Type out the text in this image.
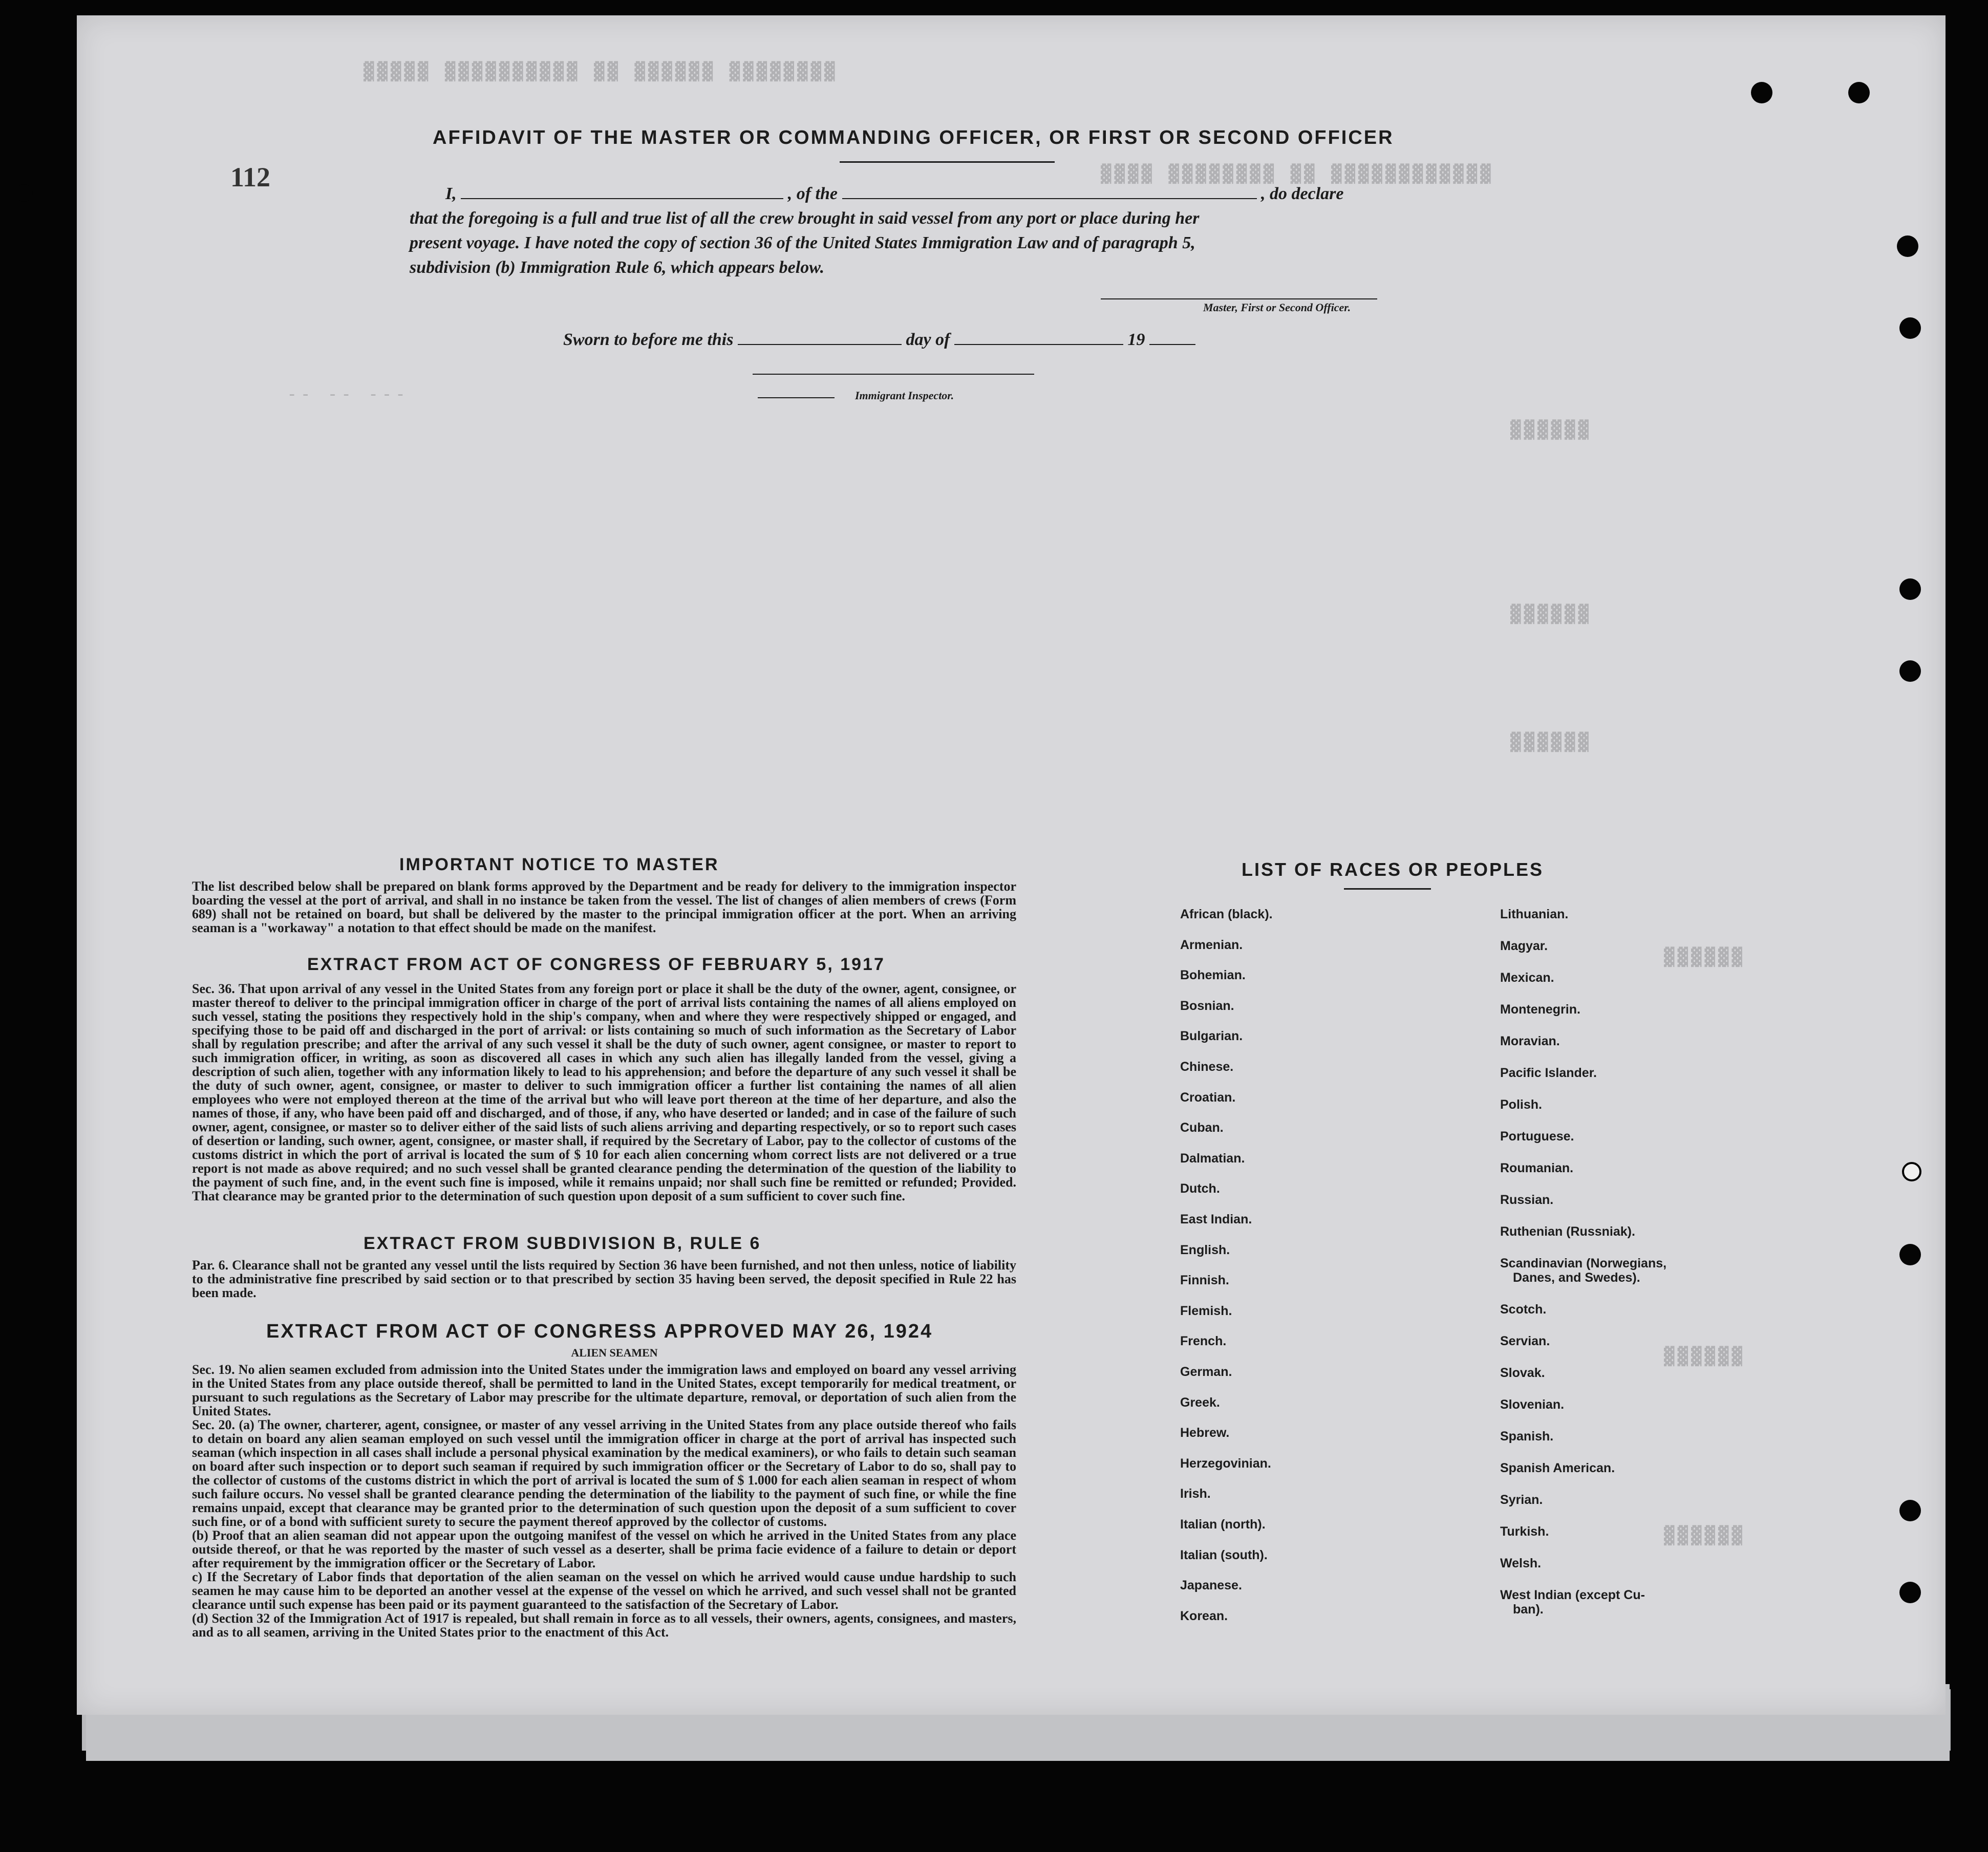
▓▓▓▓▓ ▓▓▓▓▓▓▓▓▓▓ ▓▓ ▓▓▓▓▓▓ ▓▓▓▓▓▓▓▓
▓▓▓▓ ▓▓▓▓▓▓▓▓ ▓▓ ▓▓▓▓▓▓▓▓▓▓▓▓
-- -- ---
▓▓▓▓▓▓
▓▓▓▓▓▓
▓▓▓▓▓▓
▓▓▓▓▓▓
▓▓▓▓▓▓
▓▓▓▓▓▓
112
AFFIDAVIT OF THE MASTER OR COMMANDING OFFICER, OR FIRST OR SECOND OFFICER
I,	, of the	, do declare
that the foregoing is a full and true list of all the crew brought in said vessel from any port or place during her
present voyage. I have noted the copy of section 36 of the United States Immigration Law and of paragraph 5,
subdivision (b) Immigration Rule 6, which appears below.
Master, First or Second Officer.
Sworn to before me this	day of	19
Immigrant Inspector.
IMPORTANT NOTICE TO MASTER
The list described below shall be prepared on blank forms approved by the Department and be ready for delivery to the immigration inspector boarding the vessel at the port of arrival, and shall in no instance be taken from the vessel. The list of changes of alien members of crews (Form 689) shall not be retained on board, but shall be delivered by the master to the principal immigration officer at the port. When an arriving seaman is a "workaway" a notation to that effect should be made on the manifest.
EXTRACT FROM ACT OF CONGRESS OF FEBRUARY 5, 1917
Sec. 36. That upon arrival of any vessel in the United States from any foreign port or place it shall be the duty of the owner, agent, consignee, or master thereof to deliver to the principal immigration officer in charge of the port of arrival lists containing the names of all aliens employed on such vessel, stating the positions they respectively hold in the ship's company, when and where they were respectively shipped or engaged, and specifying those to be paid off and discharged in the port of arrival: or lists containing so much of such information as the Secretary of Labor shall by regulation prescribe; and after the arrival of any such vessel it shall be the duty of such owner, agent consignee, or master to report to such immigration officer, in writing, as soon as discovered all cases in which any such alien has illegally landed from the vessel, giving a description of such alien, together with any information likely to lead to his apprehension; and before the departure of any such vessel it shall be the duty of such owner, agent, consignee, or master to deliver to such immigration officer a further list containing the names of all alien employees who were not employed thereon at the time of the arrival but who will leave port thereon at the time of her departure, and also the names of those, if any, who have been paid off and discharged, and of those, if any, who have deserted or landed; and in case of the failure of such owner, agent, consignee, or master so to deliver either of the said lists of such aliens arriving and departing respectively, or so to report such cases of desertion or landing, such owner, agent, consignee, or master shall, if required by the Secretary of Labor, pay to the collector of customs of the customs district in which the port of arrival is located the sum of $ 10 for each alien concerning whom correct lists are not delivered or a true report is not made as above required; and no such vessel shall be granted clearance pending the determination of the question of the liability to the payment of such fine, and, in the event such fine is imposed, while it remains unpaid; nor shall such fine be remitted or refunded; Provided. That clearance may be granted prior to the determination of such question upon deposit of a sum sufficient to cover such fine.
EXTRACT FROM SUBDIVISION B, RULE 6
Par. 6. Clearance shall not be granted any vessel until the lists required by Section 36 have been furnished, and not then unless, notice of liability to the administrative fine prescribed by said section or to that prescribed by section 35 having been served, the deposit specified in Rule 22 has been made.
EXTRACT FROM ACT OF CONGRESS APPROVED MAY 26, 1924
ALIEN SEAMEN

Sec. 19. No alien seamen excluded from admission into the United States under the immigration laws and employed on board any vessel arriving in the United States from any place outside thereof, shall be permitted to land in the United States, except temporarily for medical treatment, or pursuant to such regulations as the Secretary of Labor may prescribe for the ultimate departure, removal, or deportation of such alien from the United States.

Sec. 20. (a) The owner, charterer, agent, consignee, or master of any vessel arriving in the United States from any place outside thereof who fails to detain on board any alien seaman employed on such vessel until the immigration officer in charge at the port of arrival has inspected such seaman (which inspection in all cases shall include a personal physical examination by the medical examiners), or who fails to detain such seaman on board after such inspection or to deport such seaman if required by such immigration officer or the Secretary of Labor to do so, shall pay to the collector of customs of the customs district in which the port of arrival is located the sum of $ 1.000 for each alien seaman in respect of whom such failure occurs. No vessel shall be granted clearance pending the determination of the liability to the payment of such fine, or while the fine remains unpaid, except that clearance may be granted prior to the determination of such question upon the deposit of a sum sufficient to cover such fine, or of a bond with sufficient surety to secure the payment thereof approved by the collector of customs.

(b) Proof that an alien seaman did not appear upon the outgoing manifest of the vessel on which he arrived in the United States from any place outside thereof, or that he was reported by the master of such vessel as a deserter, shall be prima facie evidence of a failure to detain or deport after requirement by the immigration officer or the Secretary of Labor.

c) If the Secretary of Labor finds that deportation of the alien seaman on the vessel on which he arrived would cause undue hardship to such seamen he may cause him to be deported an another vessel at the expense of the vessel on which he arrived, and such vessel shall not be granted clearance until such expense has been paid or its payment guaranteed to the satisfaction of the Secretary of Labor.

(d) Section 32 of the Immigration Act of 1917 is repealed, but shall remain in force as to all vessels, their owners, agents, consignees, and masters, and as to all seamen, arriving in the United States prior to the enactment of this Act.

LIST OF RACES OR PEOPLES
African (black).
Armenian.
Bohemian.
Bosnian.
Bulgarian.
Chinese.
Croatian.
Cuban.
Dalmatian.
Dutch.
East Indian.
English.
Finnish.
Flemish.
French.
German.
Greek.
Hebrew.
Herzegovinian.
Irish.
Italian (north).
Italian (south).
Japanese.
Korean.
Lithuanian.
Magyar.
Mexican.
Montenegrin.
Moravian.
Pacific Islander.
Polish.
Portuguese.
Roumanian.
Russian.
Ruthenian (Russniak).
Scandinavian (Norwegians,
Danes, and Swedes).
Scotch.
Servian.
Slovak.
Slovenian.
Spanish.
Spanish American.
Syrian.
Turkish.
Welsh.
West Indian (except Cu-
ban).
